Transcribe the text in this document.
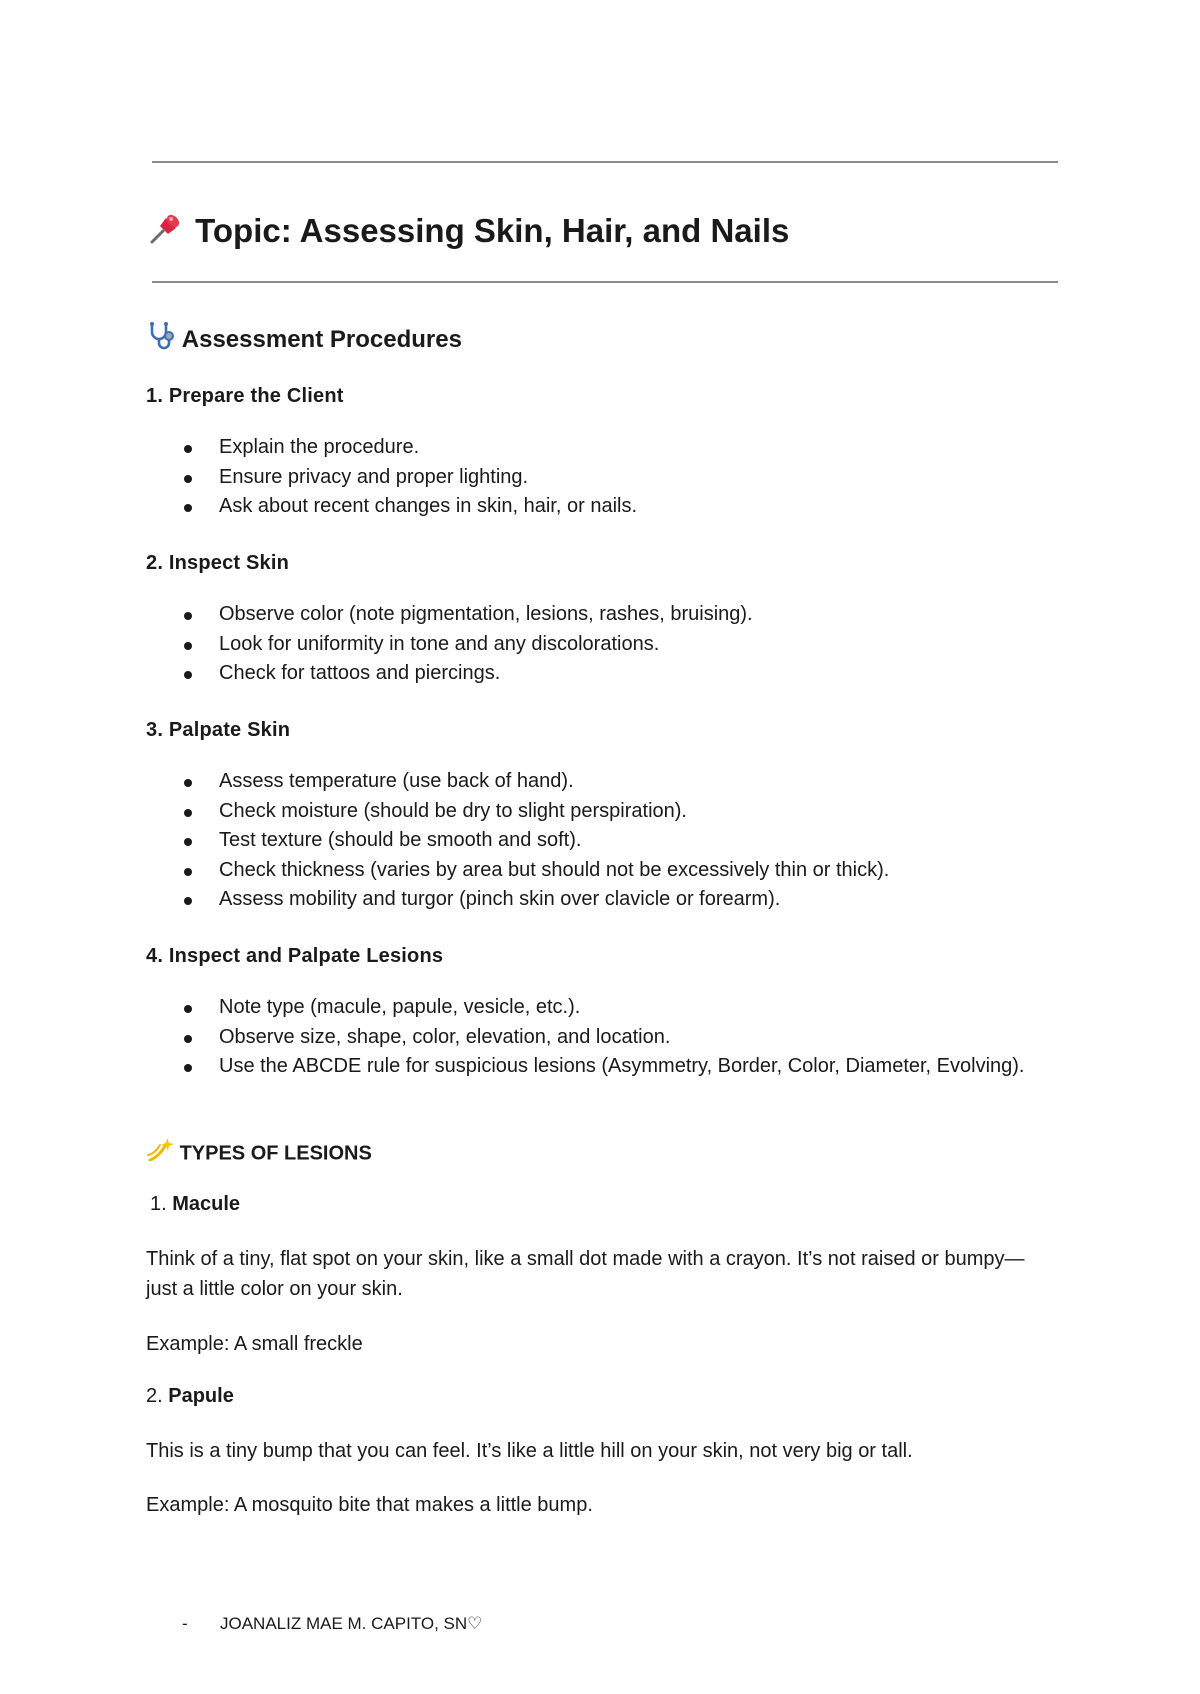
Topic: Assessing Skin, Hair, and Nails
Assessment Procedures
1. Prepare the Client
Explain the procedure.
Ensure privacy and proper lighting.
Ask about recent changes in skin, hair, or nails.
2. Inspect Skin
Observe color (note pigmentation, lesions, rashes, bruising).
Look for uniformity in tone and any discolorations.
Check for tattoos and piercings.
3. Palpate Skin
Assess temperature (use back of hand).
Check moisture (should be dry to slight perspiration).
Test texture (should be smooth and soft).
Check thickness (varies by area but should not be excessively thin or thick).
Assess mobility and turgor (pinch skin over clavicle or forearm).
4. Inspect and Palpate Lesions
Note type (macule, papule, vesicle, etc.).
Observe size, shape, color, elevation, and location.
Use the ABCDE rule for suspicious lesions (Asymmetry, Border, Color, Diameter, Evolving).
TYPES OF LESIONS
1. Macule
Think of a tiny, flat spot on your skin, like a small dot made with a crayon. It’s not raised or bumpy—just a little color on your skin.
Example: A small freckle
2. Papule
This is a tiny bump that you can feel. It’s like a little hill on your skin, not very big or tall.
Example: A mosquito bite that makes a little bump.
- JOANALIZ MAE M. CAPITO, SN♡
